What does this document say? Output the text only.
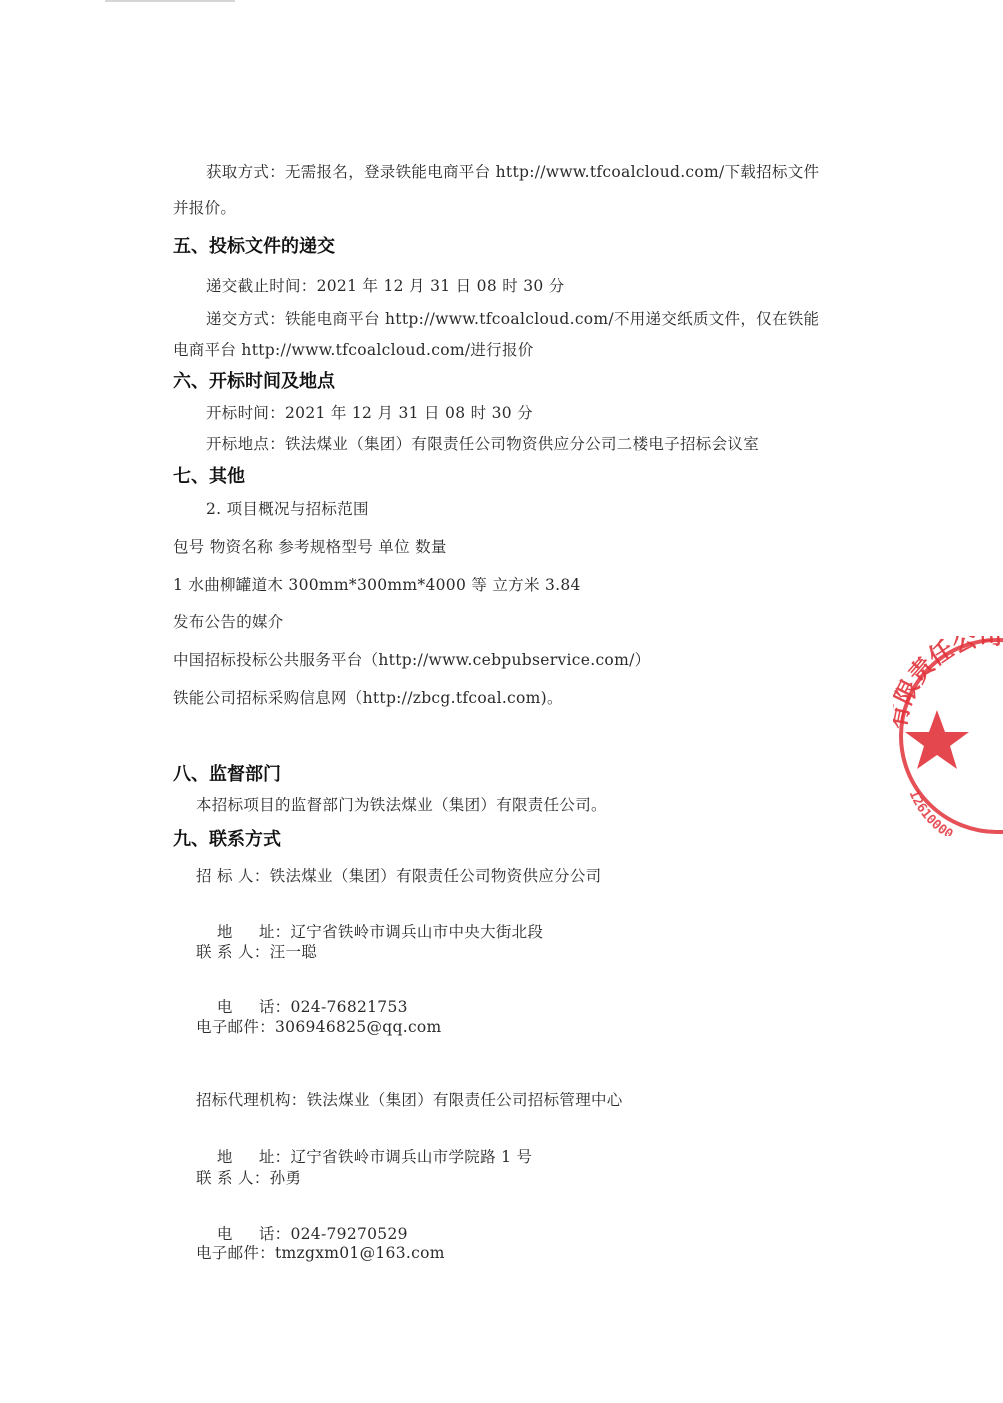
获取方式：无需报名，登录铁能电商平台 http://www.tfcoalcloud.com/下载招标文件
并报价。
五、投标文件的递交
递交截止时间：2021 年 12 月 31 日 08 时 30 分
递交方式：铁能电商平台 http://www.tfcoalcloud.com/不用递交纸质文件，仅在铁能
电商平台 http://www.tfcoalcloud.com/进行报价
六、开标时间及地点
开标时间：2021 年 12 月 31 日 08 时 30 分
开标地点：铁法煤业（集团）有限责任公司物资供应分公司二楼电子招标会议室
七、其他
2. 项目概况与招标范围
包号 物资名称 参考规格型号 单位 数量
1 水曲柳罐道木 300mm*300mm*4000 等 立方米 3.84
发布公告的媒介
中国招标投标公共服务平台（http://www.cebpubservice.com/）
铁能公司招标采购信息网（http://zbcg.tfcoal.com)。
八、监督部门
本招标项目的监督部门为铁法煤业（集团）有限责任公司。
九、联系方式
招 标 人：铁法煤业（集团）有限责任公司物资供应分公司

地     址：辽宁省铁岭市调兵山市中央大街北段

联 系 人：汪一聪

电     话：024-76821753

电子邮件：306946825@qq.com
招标代理机构：铁法煤业（集团）有限责任公司招标管理中心

地     址：辽宁省铁岭市调兵山市学院路 1 号

联 系 人：孙勇

电     话：024-79270529

电子邮件：tmzgxm01@163.com
责任公司
12610000
